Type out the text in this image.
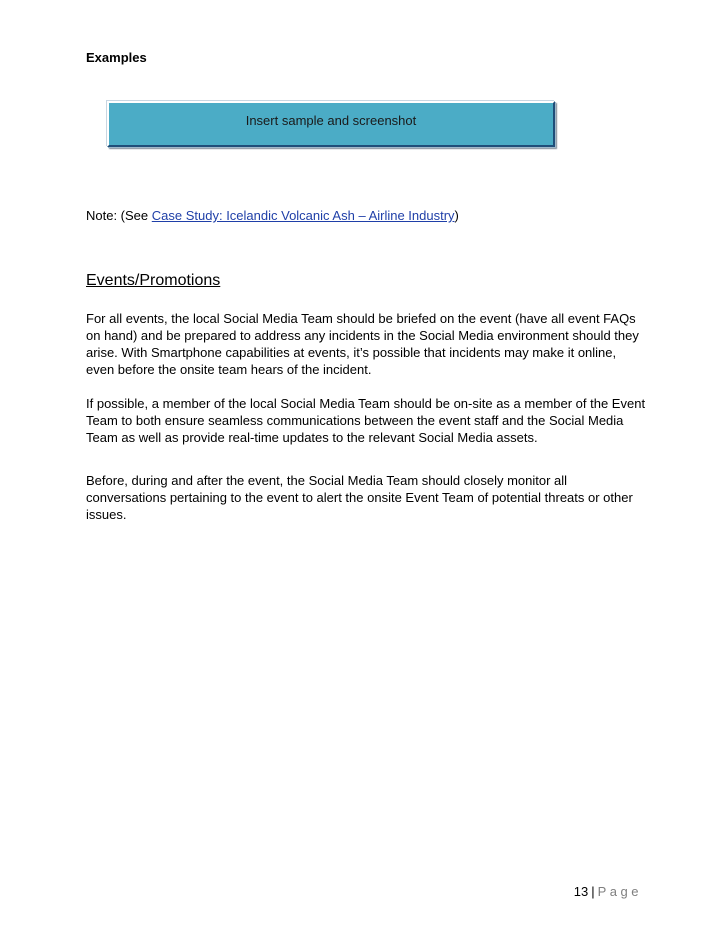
Examples
Insert sample and screenshot
Note: (See Case Study: Icelandic Volcanic Ash – Airline Industry)
Events/Promotions
For all events, the local Social Media Team should be briefed on the event (have all event FAQs on hand) and be prepared to address any incidents in the Social Media environment should they arise. With Smartphone capabilities at events, it’s possible that incidents may make it online, even before the onsite team hears of the incident.
If possible, a member of the local Social Media Team should be on-site as a member of the Event Team to both ensure seamless communications between the event staff and the Social Media Team as well as provide real-time updates to the relevant Social Media assets.
Before, during and after the event, the Social Media Team should closely monitor all conversations pertaining to the event to alert the onsite Event Team of potential threats or other issues.
13 | Page
